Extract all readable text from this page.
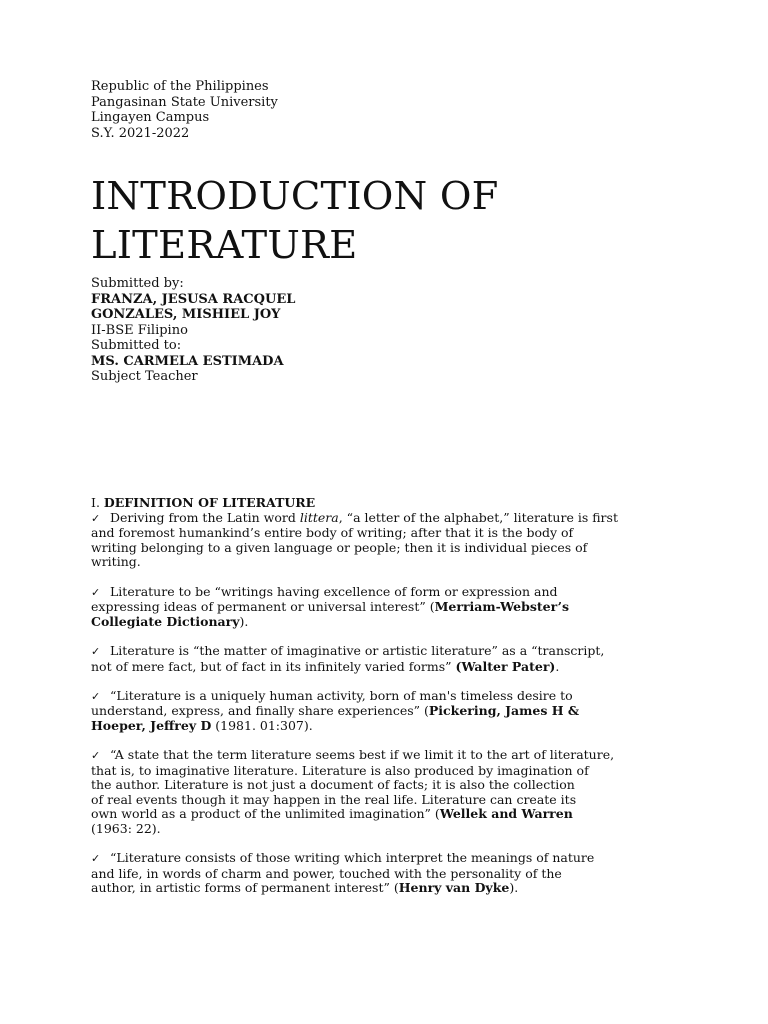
Republic of the Philippines
Pangasinan State University
Lingayen Campus
S.Y. 2021-2022
INTRODUCTION OF
LITERATURE
Submitted by:
FRANZA, JESUSA RACQUEL
GONZALES, MISHIEL JOY
II-BSE Filipino
Submitted to:
MS. CARMELA ESTIMADA
Subject Teacher
I. DEFINITION OF LITERATURE
✓ Deriving from the Latin word littera, “a letter of the alphabet,” literature is first
and foremost humankind’s entire body of writing; after that it is the body of
writing belonging to a given language or people; then it is individual pieces of
writing.
✓ Literature to be “writings having excellence of form or expression and
expressing ideas of permanent or universal interest” (Merriam-Webster’s
Collegiate Dictionary).
✓ Literature is “the matter of imaginative or artistic literature” as a “transcript,
not of mere fact, but of fact in its infinitely varied forms” (Walter Pater).
✓ “Literature is a uniquely human activity, born of man's timeless desire to
understand, express, and finally share experiences” (Pickering, James H &
Hoeper, Jeffrey D (1981. 01:307).
✓ “A state that the term literature seems best if we limit it to the art of literature,
that is, to imaginative literature. Literature is also produced by imagination of
the author. Literature is not just a document of facts; it is also the collection
of real events though it may happen in the real life. Literature can create its
own world as a product of the unlimited imagination” (Wellek and Warren
(1963: 22).
✓ “Literature consists of those writing which interpret the meanings of nature
and life, in words of charm and power, touched with the personality of the
author, in artistic forms of permanent interest” (Henry van Dyke).
